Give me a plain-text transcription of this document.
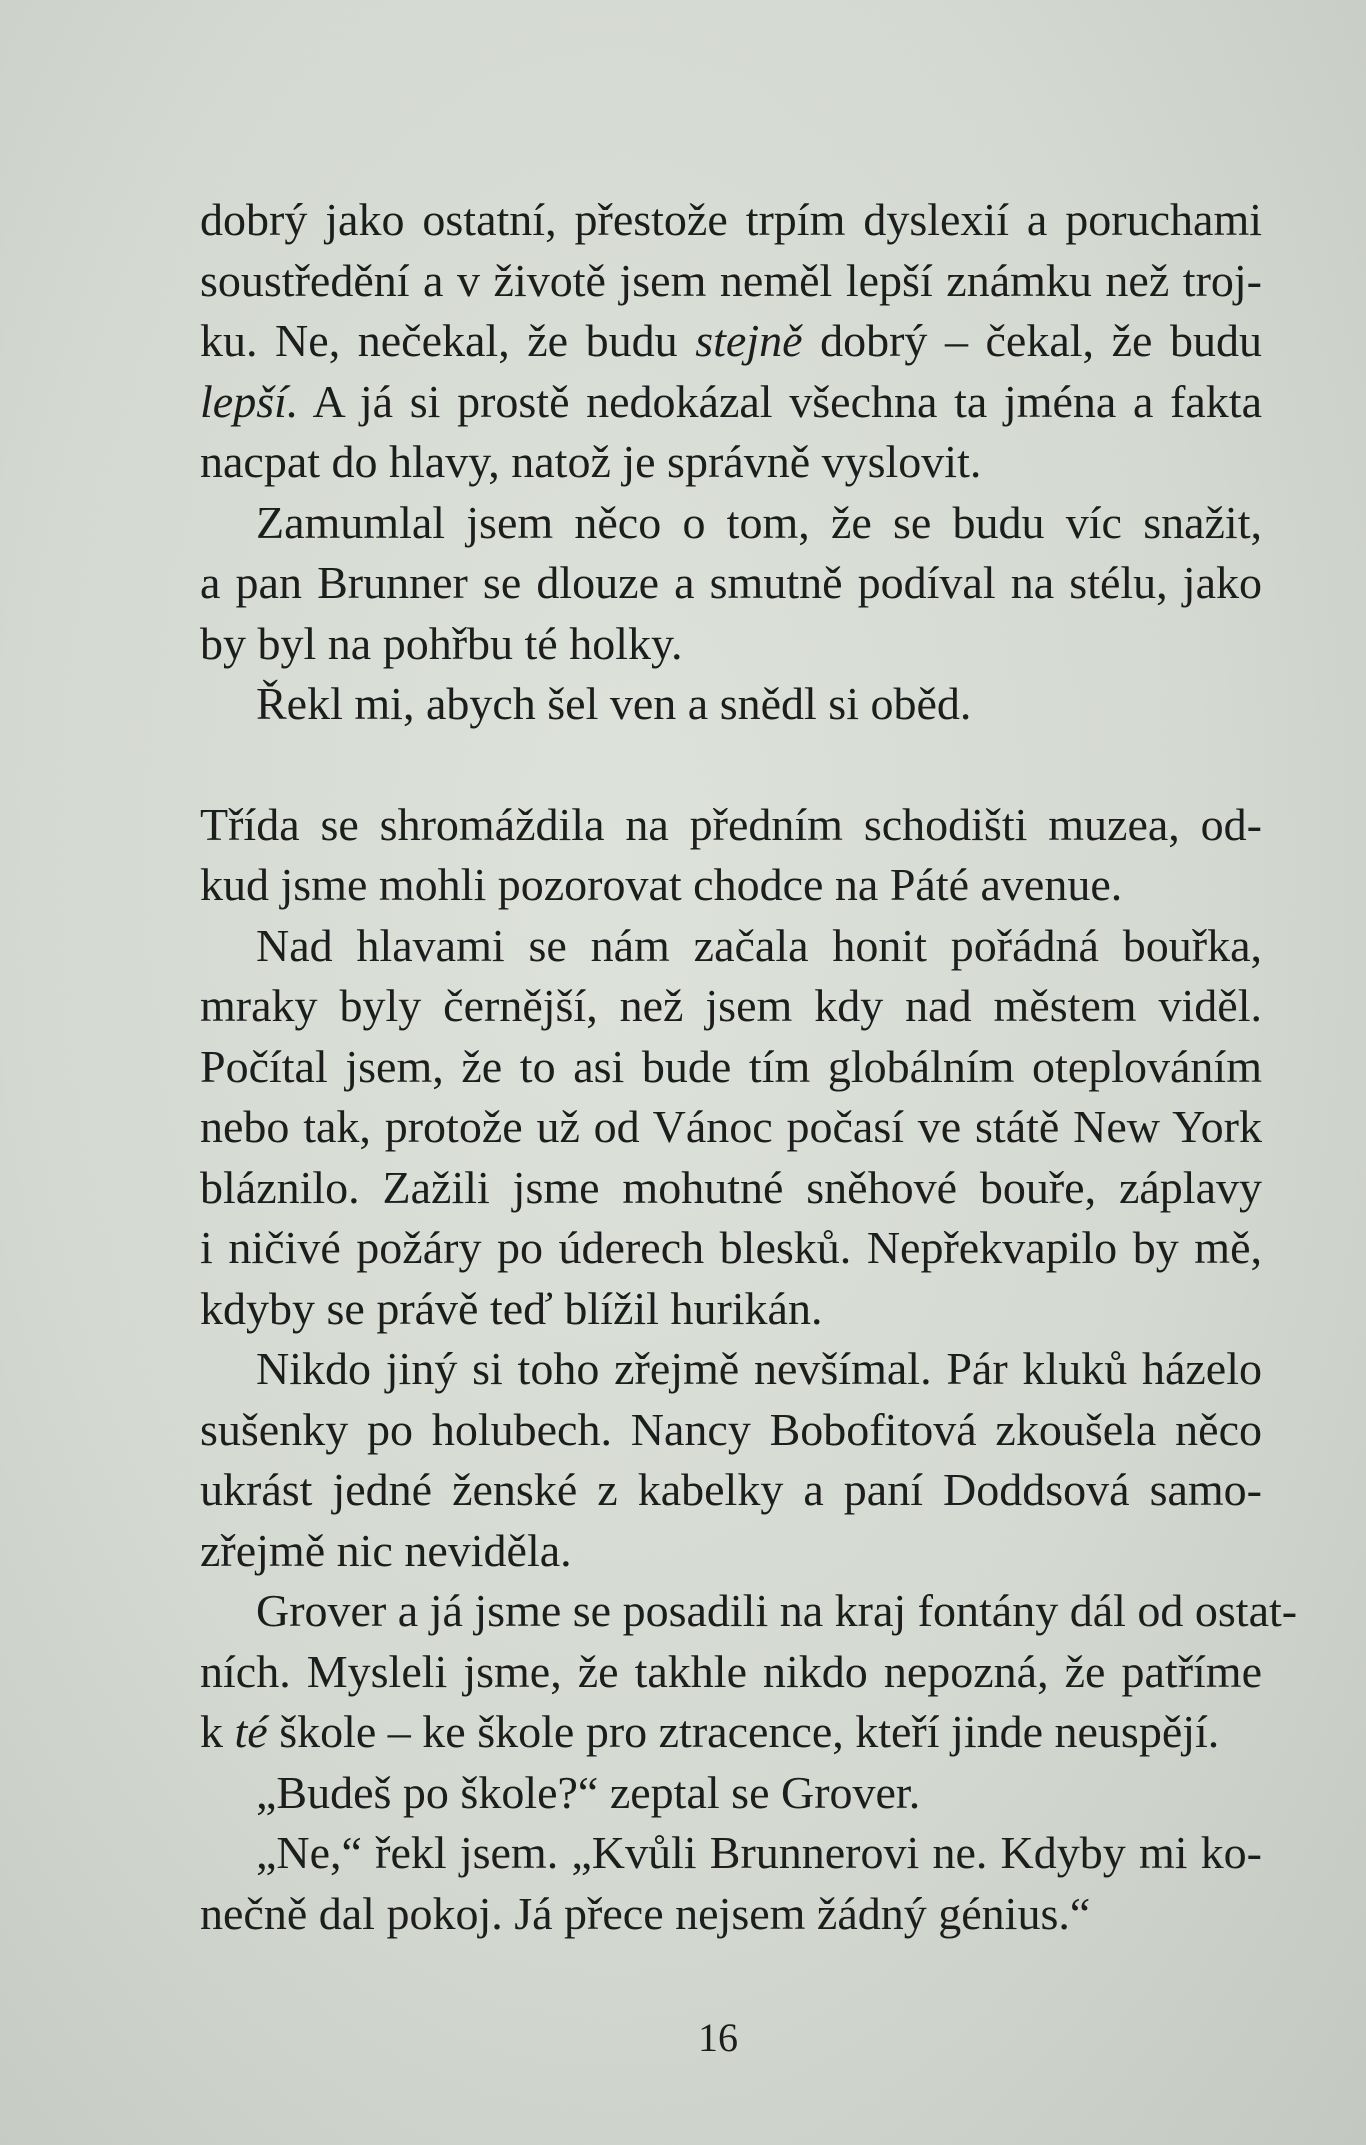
dobrý jako ostatní, přestože trpím dyslexií a poruchami
soustředění a v životě jsem neměl lepší známku než troj-
ku. Ne, nečekal, že budu stejně dobrý – čekal, že budu
lepší. A já si prostě nedokázal všechna ta jména a fakta
nacpat do hlavy, natož je správně vyslovit.
Zamumlal jsem něco o tom, že se budu víc snažit,
a pan Brunner se dlouze a smutně podíval na stélu, jako
by byl na pohřbu té holky.
Řekl mi, abych šel ven a snědl si oběd.
Třída se shromáždila na předním schodišti muzea, od-
kud jsme mohli pozorovat chodce na Páté avenue.
Nad hlavami se nám začala honit pořádná bouřka,
mraky byly černější, než jsem kdy nad městem viděl.
Počítal jsem, že to asi bude tím globálním oteplováním
nebo tak, protože už od Vánoc počasí ve státě New York
bláznilo. Zažili jsme mohutné sněhové bouře, záplavy
i ničivé požáry po úderech blesků. Nepřekvapilo by mě,
kdyby se právě teď blížil hurikán.
Nikdo jiný si toho zřejmě nevšímal. Pár kluků házelo
sušenky po holubech. Nancy Bobofitová zkoušela něco
ukrást jedné ženské z kabelky a paní Doddsová samo-
zřejmě nic neviděla.
Grover a já jsme se posadili na kraj fontány dál od ostat-
ních. Mysleli jsme, že takhle nikdo nepozná, že patříme
k té škole – ke škole pro ztracence, kteří jinde neuspějí.
„Budeš po škole?“ zeptal se Grover.
„Ne,“ řekl jsem. „Kvůli Brunnerovi ne. Kdyby mi ko-
nečně dal pokoj. Já přece nejsem žádný génius.“
16
